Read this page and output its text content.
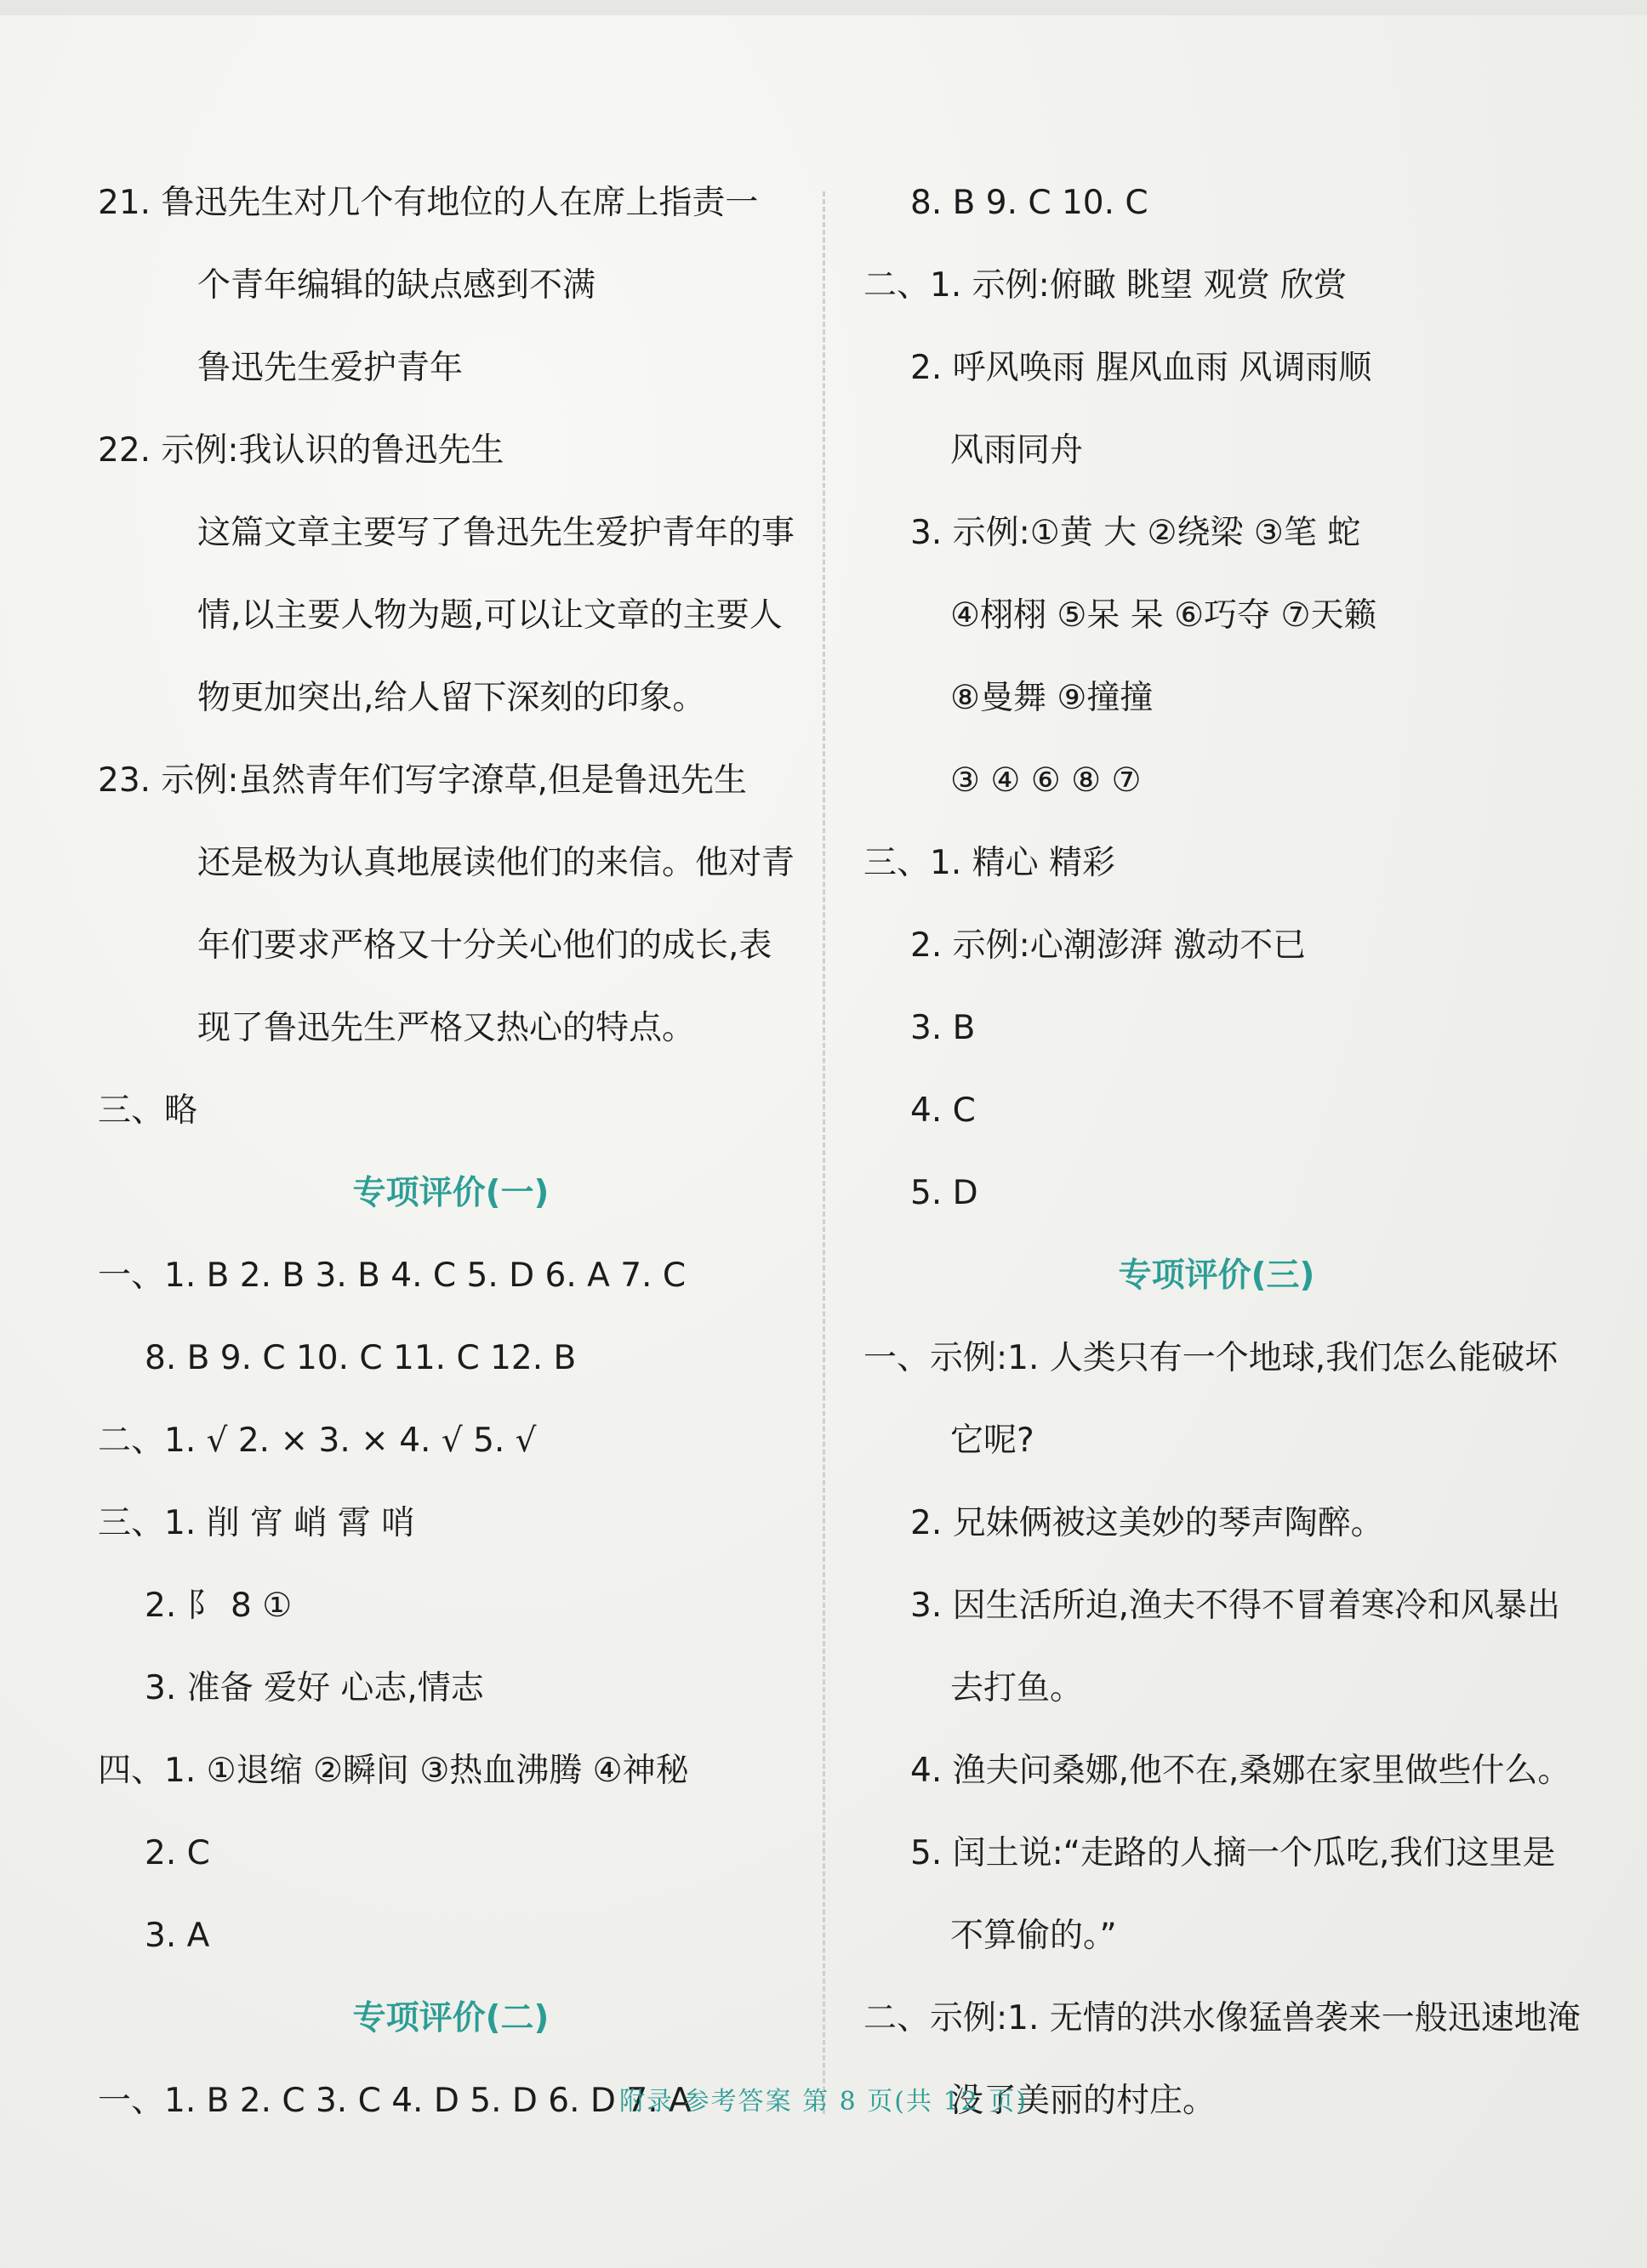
21. 鲁迅先生对几个有地位的人在席上指责一
个青年编辑的缺点感到不满
鲁迅先生爱护青年
22. 示例:我认识的鲁迅先生
这篇文章主要写了鲁迅先生爱护青年的事
情,以主要人物为题,可以让文章的主要人
物更加突出,给人留下深刻的印象。
23. 示例:虽然青年们写字潦草,但是鲁迅先生
还是极为认真地展读他们的来信。他对青
年们要求严格又十分关心他们的成长,表
现了鲁迅先生严格又热心的特点。
三、略
专项评价(一)
一、1. B 2. B 3. B 4. C 5. D 6. A 7. C
8. B 9. C 10. C 11. C 12. B
二、1. √ 2. × 3. × 4. √ 5. √
三、1. 削 宵 峭 霄 哨
2. 阝 8 ①
3. 准备 爱好 心志,情志
四、1. ①退缩 ②瞬间 ③热血沸腾 ④神秘
2. C
3. A
专项评价(二)
一、1. B 2. C 3. C 4. D 5. D 6. D 7. A
8. B 9. C 10. C
二、1. 示例:俯瞰 眺望 观赏 欣赏
2. 呼风唤雨 腥风血雨 风调雨顺
风雨同舟
3. 示例:①黄 大 ②绕梁 ③笔 蛇
④栩栩 ⑤呆 呆 ⑥巧夺 ⑦天籁
⑧曼舞 ⑨撞撞
③ ④ ⑥ ⑧ ⑦
三、1. 精心 精彩
2. 示例:心潮澎湃 激动不已
3. B
4. C
5. D
专项评价(三)
一、示例:1. 人类只有一个地球,我们怎么能破坏
它呢?
2. 兄妹俩被这美妙的琴声陶醉。
3. 因生活所迫,渔夫不得不冒着寒冷和风暴出
去打鱼。
4. 渔夫问桑娜,他不在,桑娜在家里做些什么。
5. 闰土说:“走路的人摘一个瓜吃,我们这里是
不算偷的。”
二、示例:1. 无情的洪水像猛兽袭来一般迅速地淹
没了美丽的村庄。
附录 参考答案 第 8 页(共 12 页)
